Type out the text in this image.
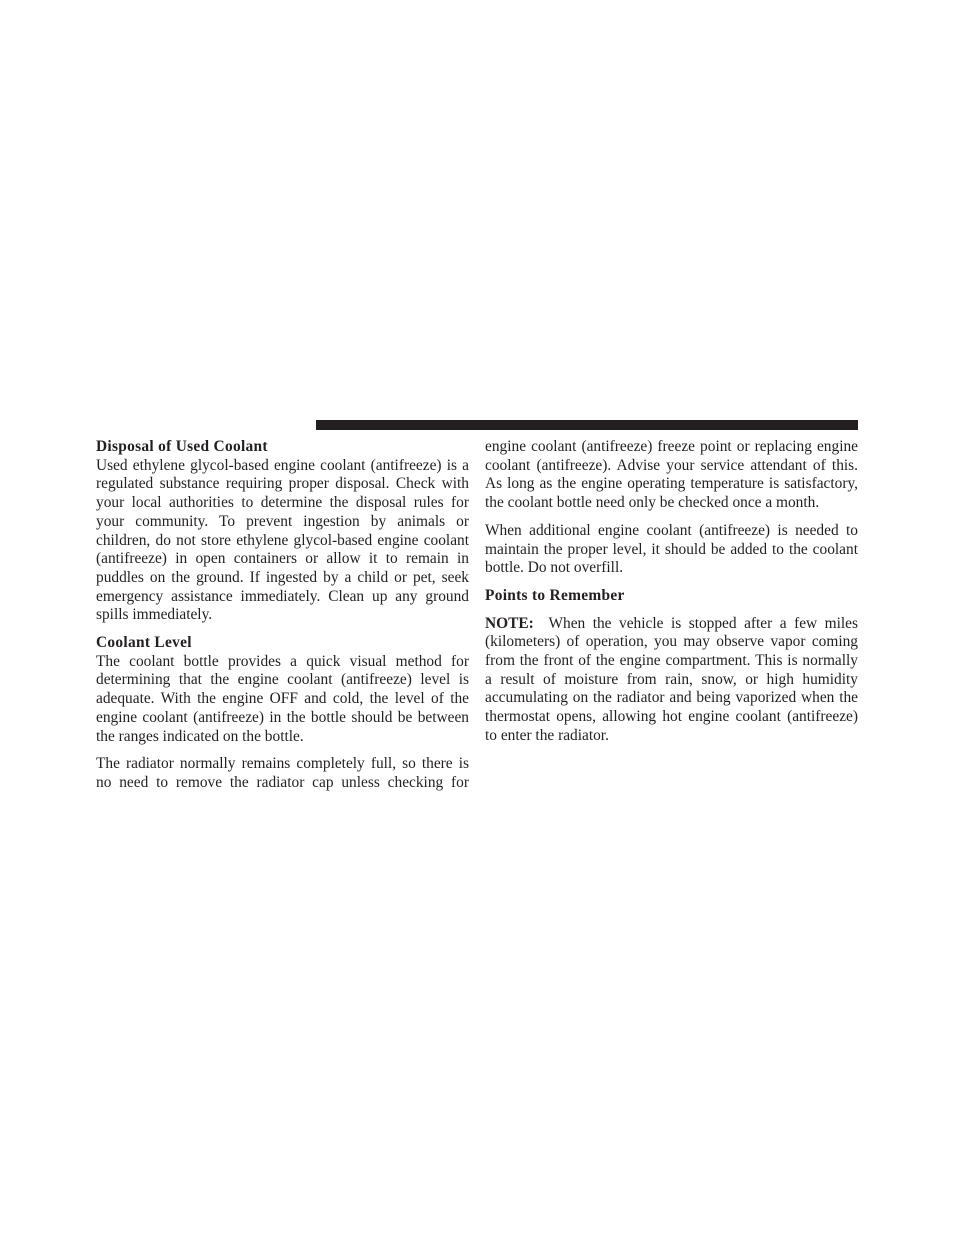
Disposal of Used Coolant

Used ethylene glycol-based engine coolant (antifreeze) is a regulated substance requiring proper disposal. Check with your local authorities to determine the disposal rules for your community. To prevent ingestion by animals or children, do not store ethylene glycol-based engine coolant (antifreeze) in open containers or allow it to remain in puddles on the ground. If ingested by a child or pet, seek emergency assistance immediately. Clean up any ground spills immediately.

Coolant Level

The coolant bottle provides a quick visual method for determining that the engine coolant (antifreeze) level is adequate. With the engine OFF and cold, the level of the engine coolant (antifreeze) in the bottle should be between the ranges indicated on the bottle.

The radiator normally remains completely full, so there is no need to remove the radiator cap unless checking for

engine coolant (antifreeze) freeze point or replacing engine coolant (antifreeze). Advise your service attendant of this. As long as the engine operating temperature is satisfactory, the coolant bottle need only be checked once a month.

When additional engine coolant (antifreeze) is needed to maintain the proper level, it should be added to the coolant bottle. Do not overfill.

Points to Remember

NOTE: When the vehicle is stopped after a few miles (kilometers) of operation, you may observe vapor coming from the front of the engine compartment. This is normally a result of moisture from rain, snow, or high humidity accumulating on the radiator and being vaporized when the thermostat opens, allowing hot engine coolant (antifreeze) to enter the radiator.
